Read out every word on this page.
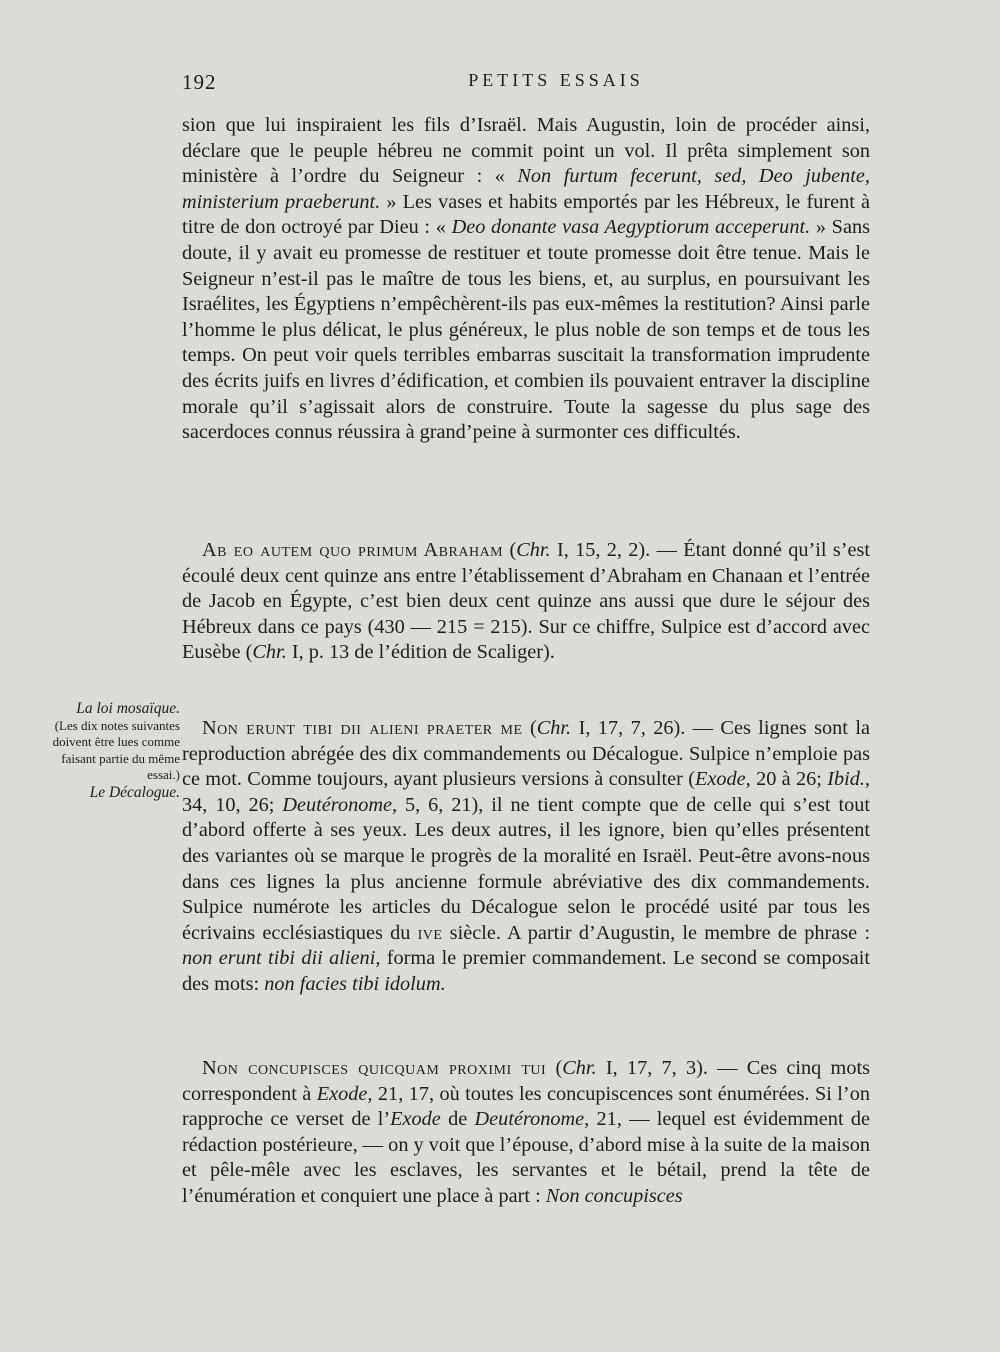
192	PETITS ESSAIS

sion que lui inspiraient les fils d’Israël. Mais Augustin, loin de procéder ainsi, déclare que le peuple hébreu ne commit point un vol. Il prêta simplement son ministère à l’ordre du Seigneur : « Non furtum fecerunt, sed, Deo jubente, ministerium praeberunt. » Les vases et habits emportés par les Hébreux, le furent à titre de don octroyé par Dieu : « Deo donante vasa Aegyptiorum acceperunt. » Sans doute, il y avait eu promesse de restituer et toute promesse doit être tenue. Mais le Seigneur n’est-il pas le maître de tous les biens, et, au surplus, en poursuivant les Israélites, les Égyptiens n’empêchèrent-ils pas eux-mêmes la restitution? Ainsi parle l’homme le plus délicat, le plus généreux, le plus noble de son temps et de tous les temps. On peut voir quels terribles embarras suscitait la transformation imprudente des écrits juifs en livres d’édification, et combien ils pouvaient entraver la discipline morale qu’il s’agissait alors de construire. Toute la sagesse du plus sage des sacerdoces connus réussira à grand’peine à surmonter ces difficultés.

Ab eo autem quo primum Abraham (Chr. I, 15, 2, 2). — Étant donné qu’il s’est écoulé deux cent quinze ans entre l’établissement d’Abraham en Chanaan et l’entrée de Jacob en Égypte, c’est bien deux cent quinze ans aussi que dure le séjour des Hébreux dans ce pays (430 — 215 = 215). Sur ce chiffre, Sulpice est d’accord avec Eusèbe (Chr. I, p. 13 de l’édition de Scaliger).

La loi mosaïque.
(Les dix notes suivantes doivent être lues comme faisant partie du même essai.)
Le Décalogue.

Non erunt tibi dii alieni praeter me (Chr. I, 17, 7, 26). — Ces lignes sont la reproduction abrégée des dix commandements ou Décalogue. Sulpice n’emploie pas ce mot. Comme toujours, ayant plusieurs versions à consulter (Exode, 20 à 26; Ibid., 34, 10, 26; Deutéronome, 5, 6, 21), il ne tient compte que de celle qui s’est tout d’abord offerte à ses yeux. Les deux autres, il les ignore, bien qu’elles présentent des variantes où se marque le progrès de la moralité en Israël. Peut-être avons-nous dans ces lignes la plus ancienne formule abréviative des dix commandements. Sulpice numérote les articles du Décalogue selon le procédé usité par tous les écrivains ecclésiastiques du ive siècle. A partir d’Augustin, le membre de phrase : non erunt tibi dii alieni, forma le premier commandement. Le second se composait des mots: non facies tibi idolum.

Non concupisces quicquam proximi tui (Chr. I, 17, 7, 3). — Ces cinq mots correspondent à Exode, 21, 17, où toutes les concupiscences sont énumérées. Si l’on rapproche ce verset de l’Exode de Deutéronome, 21, — lequel est évidemment de rédaction postérieure, — on y voit que l’épouse, d’abord mise à la suite de la maison et pêle-mêle avec les esclaves, les servantes et le bétail, prend la tête de l’énumération et conquiert une place à part : Non concupisces
